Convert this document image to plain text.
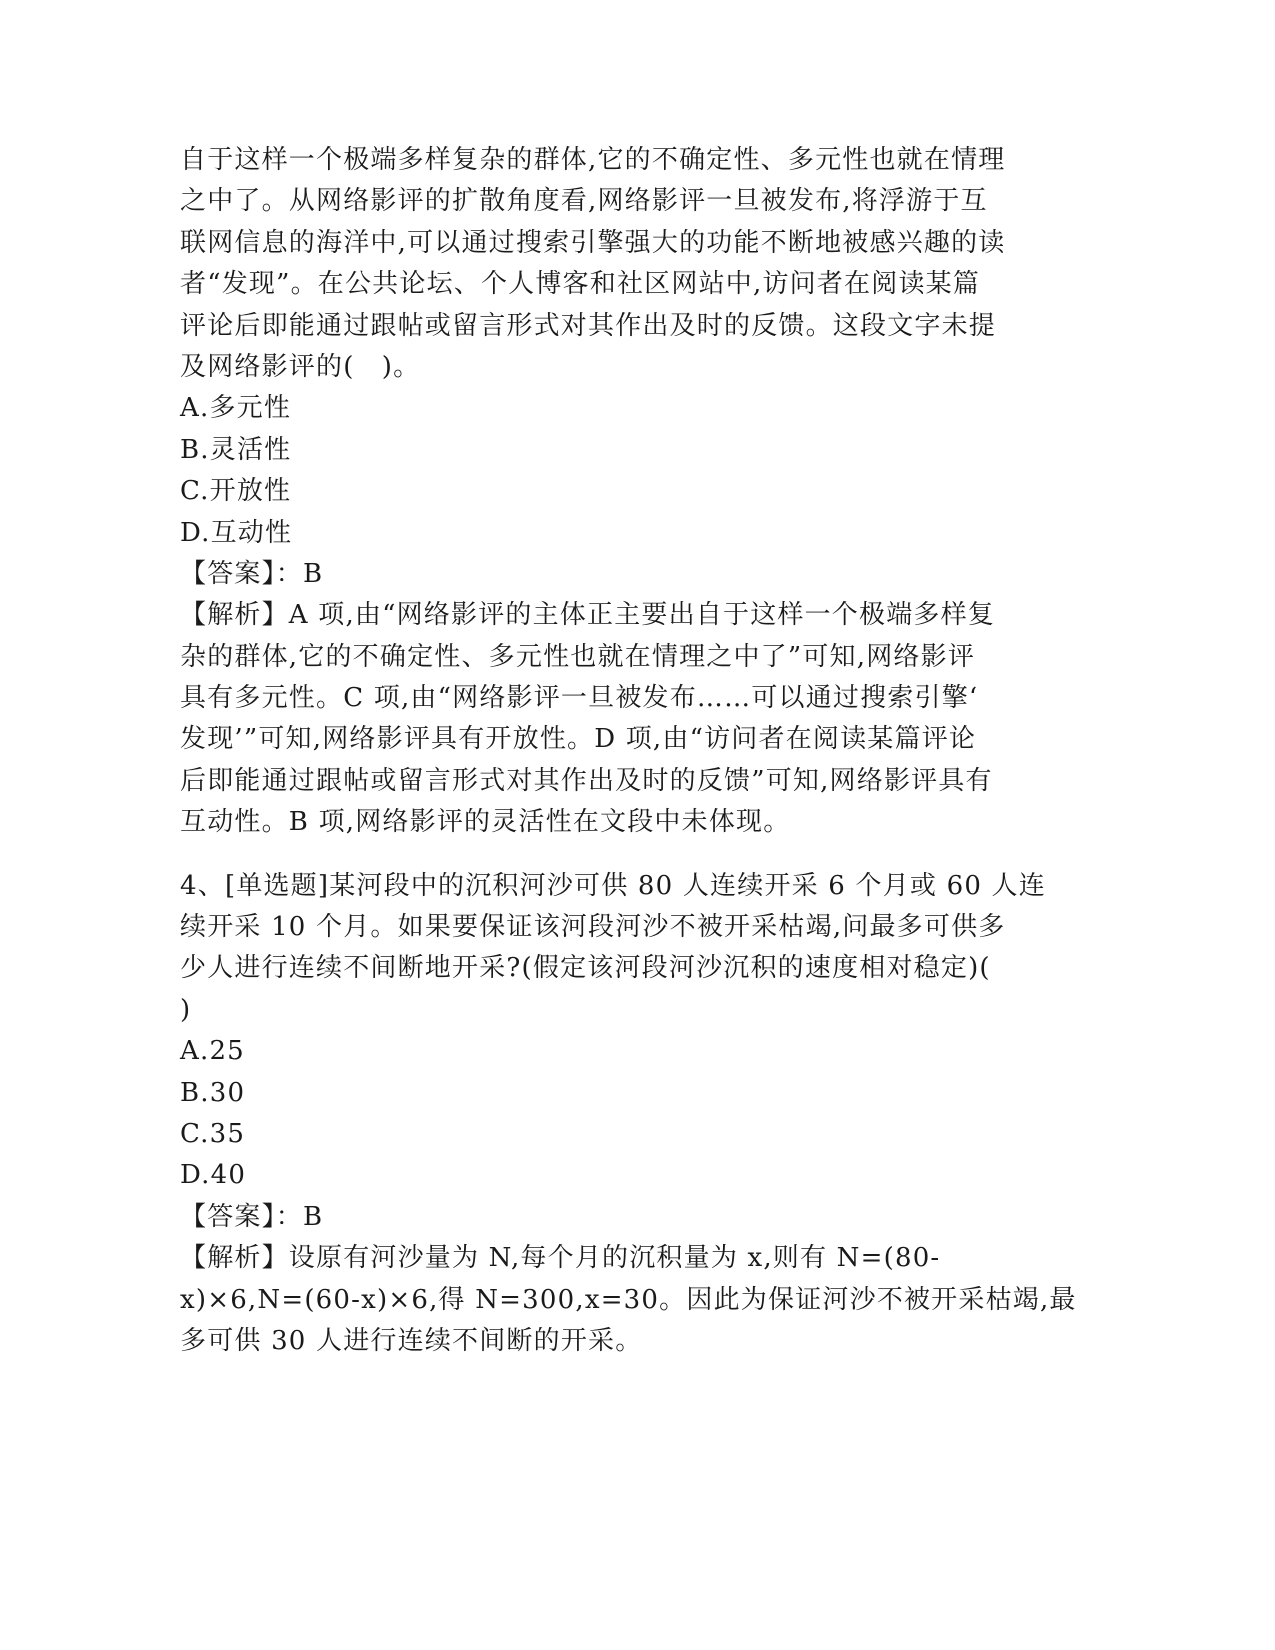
自于这样一个极端多样复杂的群体,它的不确定性、多元性也就在情理
之中了。从网络影评的扩散角度看,网络影评一旦被发布,将浮游于互
联网信息的海洋中,可以通过搜索引擎强大的功能不断地被感兴趣的读
者“发现”。在公共论坛、个人博客和社区网站中,访问者在阅读某篇
评论后即能通过跟帖或留言形式对其作出及时的反馈。这段文字未提
及网络影评的(　)。
A.多元性
B.灵活性
C.开放性
D.互动性
【答案】：B
【解析】A 项,由“网络影评的主体正主要出自于这样一个极端多样复
杂的群体,它的不确定性、多元性也就在情理之中了”可知,网络影评
具有多元性。C 项,由“网络影评一旦被发布……可以通过搜索引擎‘
发现’”可知,网络影评具有开放性。D 项,由“访问者在阅读某篇评论
后即能通过跟帖或留言形式对其作出及时的反馈”可知,网络影评具有
互动性。B 项,网络影评的灵活性在文段中未体现。
4、[单选题]某河段中的沉积河沙可供 80 人连续开采 6 个月或 60 人连
续开采 10 个月。如果要保证该河段河沙不被开采枯竭,问最多可供多
少人进行连续不间断地开采?(假定该河段河沙沉积的速度相对稳定)(
)
A.25
B.30
C.35
D.40
【答案】：B
【解析】设原有河沙量为 N,每个月的沉积量为 x,则有 N=(80-
x)×6,N=(60-x)×6,得 N=300,x=30。因此为保证河沙不被开采枯竭,最
多可供 30 人进行连续不间断的开采。
